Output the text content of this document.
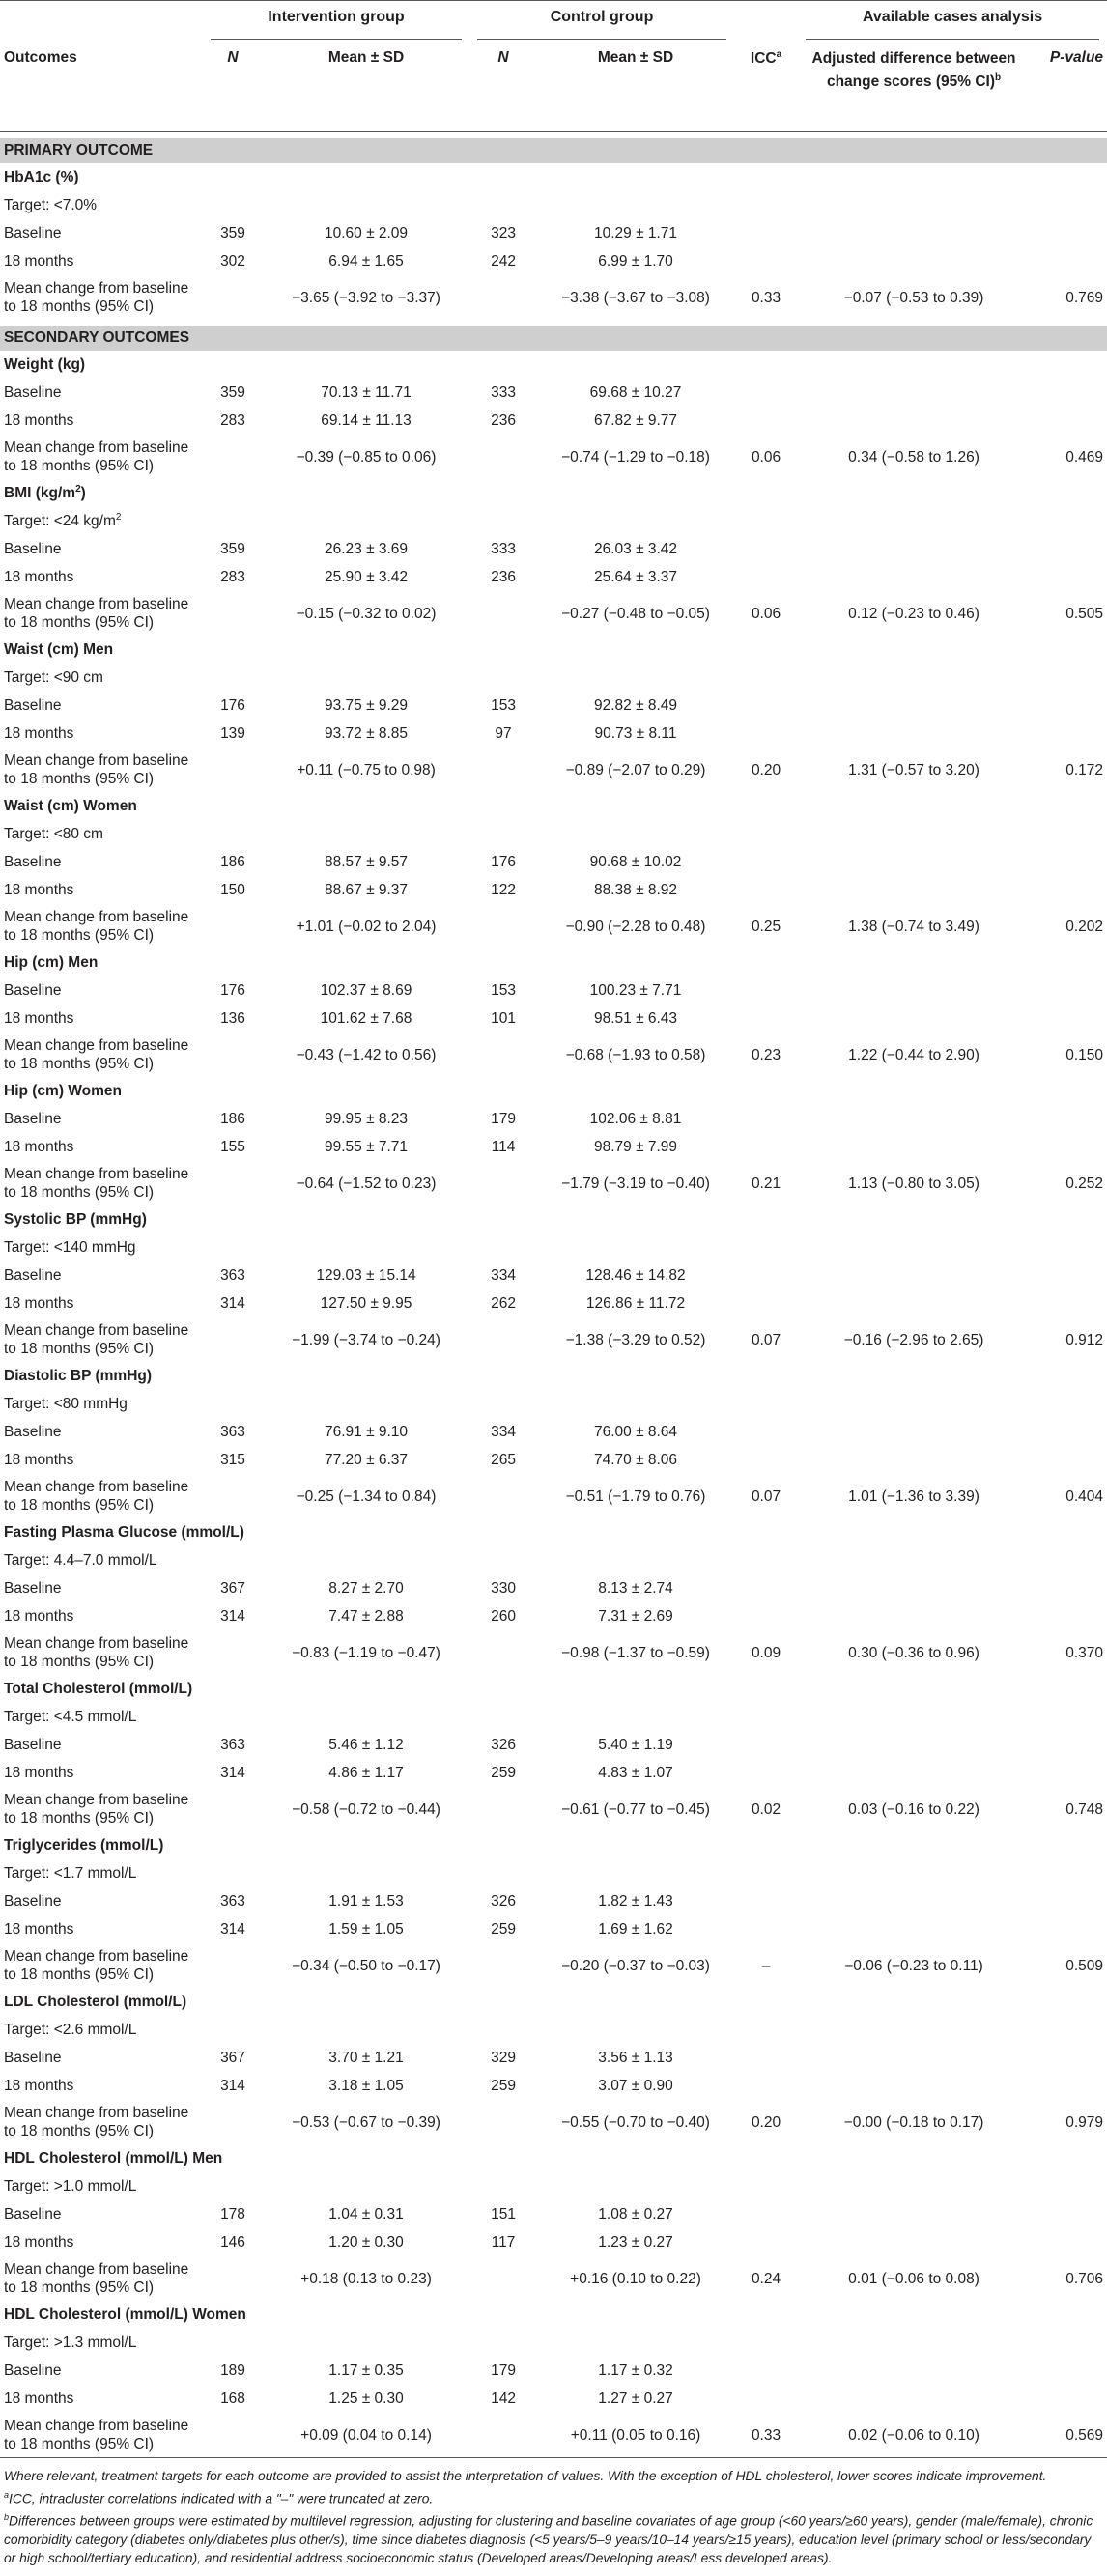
	Intervention group		Control group			Available cases analysis	

Outcomes	N	Mean ± SD	N	Mean ± SD	ICC$^a$	Adjusted difference between change scores (95% CI)$^b$	P-value

PRIMARY OUTCOME							
HbA1c (%)							
Target: <7.0%							
Baseline	359	10.60 ± 2.09	323	10.29 ± 1.71			
18 months	302	6.94 ± 1.65	242	6.99 ± 1.70			
Mean change from baseline to 18 months (95% CI)		−3.65 (−3.92 to −3.37)		−3.38 (−3.67 to −3.08)	0.33	−0.07 (−0.53 to 0.39)	0.769

SECONDARY OUTCOMES							
Weight (kg)							
Baseline	359	70.13 ± 11.71	333	69.68 ± 10.27			
18 months	283	69.14 ± 11.13	236	67.82 ± 9.77			
Mean change from baseline to 18 months (95% CI)		−0.39 (−0.85 to 0.06)		−0.74 (−1.29 to −0.18)	0.06	0.34 (−0.58 to 1.26)	0.469
BMI $(kg/m^2)$							
Target: <24 $kg/m^2$
Baseline	359	26.23 ± 3.69	333	26.03 ± 3.42			
18 months	283	25.90 ± 3.42	236	25.64 ± 3.37			
Mean change from baseline to 18 months (95% CI)		−0.15 (−0.32 to 0.02)		−0.27 (−0.48 to −0.05)	0.06	0.12 (−0.23 to 0.46)	0.505
Waist (cm) Men							
Target: <90 cm							
Baseline	176	93.75 ± 9.29	153	92.82 ± 8.49			
18 months	139	93.72 ± 8.85	97	90.73 ± 8.11			
Mean change from baseline to 18 months (95% CI)		+0.11 (−0.75 to 0.98)		−0.89 (−2.07 to 0.29)	0.20	1.31 (−0.57 to 3.20)	0.172
Waist (cm) Women							
Target: <80 cm							
Baseline	186	88.57 ± 9.57	176	90.68 ± 10.02			
18 months	150	88.67 ± 9.37	122	88.38 ± 8.92			
Mean change from baseline to 18 months (95% CI)		+1.01 (−0.02 to 2.04)		−0.90 (−2.28 to 0.48)	0.25	1.38 (−0.74 to 3.49)	0.202
Hip (cm) Men							
Baseline	176	102.37 ± 8.69	153	100.23 ± 7.71			
18 months	136	101.62 ± 7.68	101	98.51 ± 6.43			
Mean change from baseline to 18 months (95% CI)		−0.43 (−1.42 to 0.56)		−0.68 (−1.93 to 0.58)	0.23	1.22 (−0.44 to 2.90)	0.150
Hip (cm) Women							
Baseline	186	99.95 ± 8.23	179	102.06 ± 8.81			
18 months	155	99.55 ± 7.71	114	98.79 ± 7.99			
Mean change from baseline to 18 months (95% CI)		−0.64 (−1.52 to 0.23)		−1.79 (−3.19 to −0.40)	0.21	1.13 (−0.80 to 3.05)	0.252
Systolic BP (mmHg)							
Target: <140 mmHg							
Baseline	363	129.03 ± 15.14	334	128.46 ± 14.82			
18 months	314	127.50 ± 9.95	262	126.86 ± 11.72			
Mean change from baseline to 18 months (95% CI)		−1.99 (−3.74 to −0.24)		−1.38 (−3.29 to 0.52)	0.07	−0.16 (−2.96 to 2.65)	0.912
Diastolic BP (mmHg)							
Target: <80 mmHg							
Baseline	363	76.91 ± 9.10	334	76.00 ± 8.64			
18 months	315	77.20 ± 6.37	265	74.70 ± 8.06			
Mean change from baseline to 18 months (95% CI)		−0.25 (−1.34 to 0.84)		−0.51 (−1.79 to 0.76)	0.07	1.01 (−1.36 to 3.39)	0.404
Fasting Plasma Glucose (mmol/L)							
Target: 4.4–7.0 mmol/L							
Baseline	367	8.27 ± 2.70	330	8.13 ± 2.74			
18 months	314	7.47 ± 2.88	260	7.31 ± 2.69			
Mean change from baseline to 18 months (95% CI)		−0.83 (−1.19 to −0.47)		−0.98 (−1.37 to −0.59)	0.09	0.30 (−0.36 to 0.96)	0.370
Total Cholesterol (mmol/L)							
Target: <4.5 mmol/L							
Baseline	363	5.46 ± 1.12	326	5.40 ± 1.19			
18 months	314	4.86 ± 1.17	259	4.83 ± 1.07			
Mean change from baseline to 18 months (95% CI)		−0.58 (−0.72 to −0.44)		−0.61 (−0.77 to −0.45)	0.02	0.03 (−0.16 to 0.22)	0.748
Triglycerides (mmol/L)							
Target: <1.7 mmol/L							
Baseline	363	1.91 ± 1.53	326	1.82 ± 1.43			
18 months	314	1.59 ± 1.05	259	1.69 ± 1.62			
Mean change from baseline to 18 months (95% CI)		−0.34 (−0.50 to −0.17)		−0.20 (−0.37 to −0.03)	–	−0.06 (−0.23 to 0.11)	0.509
LDL Cholesterol (mmol/L)							
Target: <2.6 mmol/L							
Baseline	367	3.70 ± 1.21	329	3.56 ± 1.13			
18 months	314	3.18 ± 1.05	259	3.07 ± 0.90			
Mean change from baseline to 18 months (95% CI)		−0.53 (−0.67 to −0.39)		−0.55 (−0.70 to −0.40)	0.20	−0.00 (−0.18 to 0.17)	0.979
HDL Cholesterol (mmol/L) Men							
Target: >1.0 mmol/L							
Baseline	178	1.04 ± 0.31	151	1.08 ± 0.27			
18 months	146	1.20 ± 0.30	117	1.23 ± 0.27			
Mean change from baseline to 18 months (95% CI)		+0.18 (0.13 to 0.23)		+0.16 (0.10 to 0.22)	0.24	0.01 (−0.06 to 0.08)	0.706
HDL Cholesterol (mmol/L) Women							
Target: >1.3 mmol/L							
Baseline	189	1.17 ± 0.35	179	1.17 ± 0.32			
18 months	168	1.25 ± 0.30	142	1.27 ± 0.27			
Mean change from baseline to 18 months (95% CI)		+0.09 (0.04 to 0.14)		+0.11 (0.05 to 0.16)	0.33	0.02 (−0.06 to 0.10)	0.569

Where relevant, treatment targets for each outcome are provided to assist the interpretation of values. With the exception of HDL cholesterol, lower scores indicate improvement.

$^a$ICC, intracluster correlations indicated with a "–" were truncated at zero.

$^b$Differences between groups were estimated by multilevel regression, adjusting for clustering and baseline covariates of age group (<60 years/≥60 years), gender (male/female), chronic comorbidity category (diabetes only/diabetes plus other/s), time since diabetes diagnosis (<5 years/5–9 years/10–14 years/≥15 years), education level (primary school or less/secondary or high school/tertiary education), and residential address socioeconomic status (Developed areas/Developing areas/Less developed areas).
